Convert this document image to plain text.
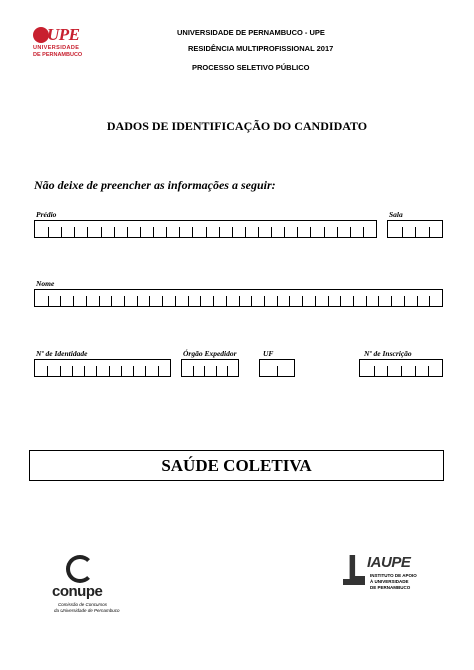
UPE
UNIVERSIDADE
DE PERNAMBUCO
UNIVERSIDADE DE PERNAMBUCO - UPE
RESIDÊNCIA MULTIPROFISSIONAL 2017
PROCESSO SELETIVO PÚBLICO
DADOS DE IDENTIFICAÇÃO DO CANDIDATO
Não deixe de preencher as informações a seguir:
Prédio	Sala
Nome
Nº de Identidade	Órgão Expedidor	UF	Nº de Inscrição
SAÚDE COLETIVA
conupe
Comissão de Concursos
da Universidade de Pernambuco
IAUPE
INSTITUTO DE APOIO
À UNIVERSIDADE
DE PERNAMBUCO
